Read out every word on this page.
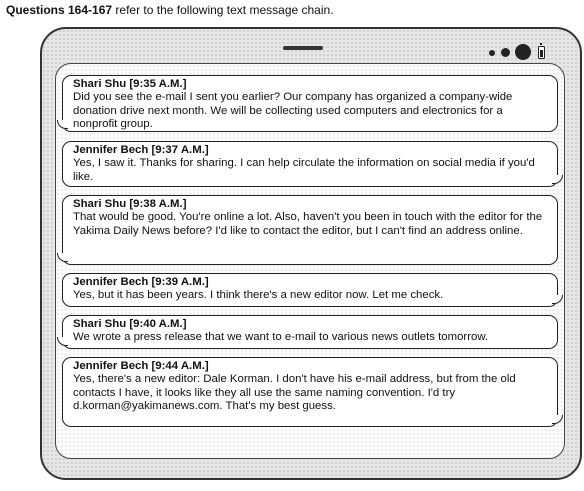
Questions 164-167 refer to the following text message chain.
Shari Shu [9:35 A.M.]
Did you see the e-mail I sent you earlier? Our company has organized a company-wide donation drive next month. We will be collecting used computers and electronics for a nonprofit group.
Jennifer Bech [9:37 A.M.]
Yes, I saw it. Thanks for sharing. I can help circulate the information on social media if you'd like.
Shari Shu [9:38 A.M.]
That would be good. You're online a lot. Also, haven't you been in touch with the editor for the Yakima Daily News before? I'd like to contact the editor, but I can't find an address online.
Jennifer Bech [9:39 A.M.]
Yes, but it has been years. I think there's a new editor now. Let me check.
Shari Shu [9:40 A.M.]
We wrote a press release that we want to e-mail to various news outlets tomorrow.
Jennifer Bech [9:44 A.M.]
Yes, there's a new editor: Dale Korman. I don't have his e-mail address, but from the old contacts I have, it looks like they all use the same naming convention. I'd try d.korman@yakimanews.com. That's my best guess.
